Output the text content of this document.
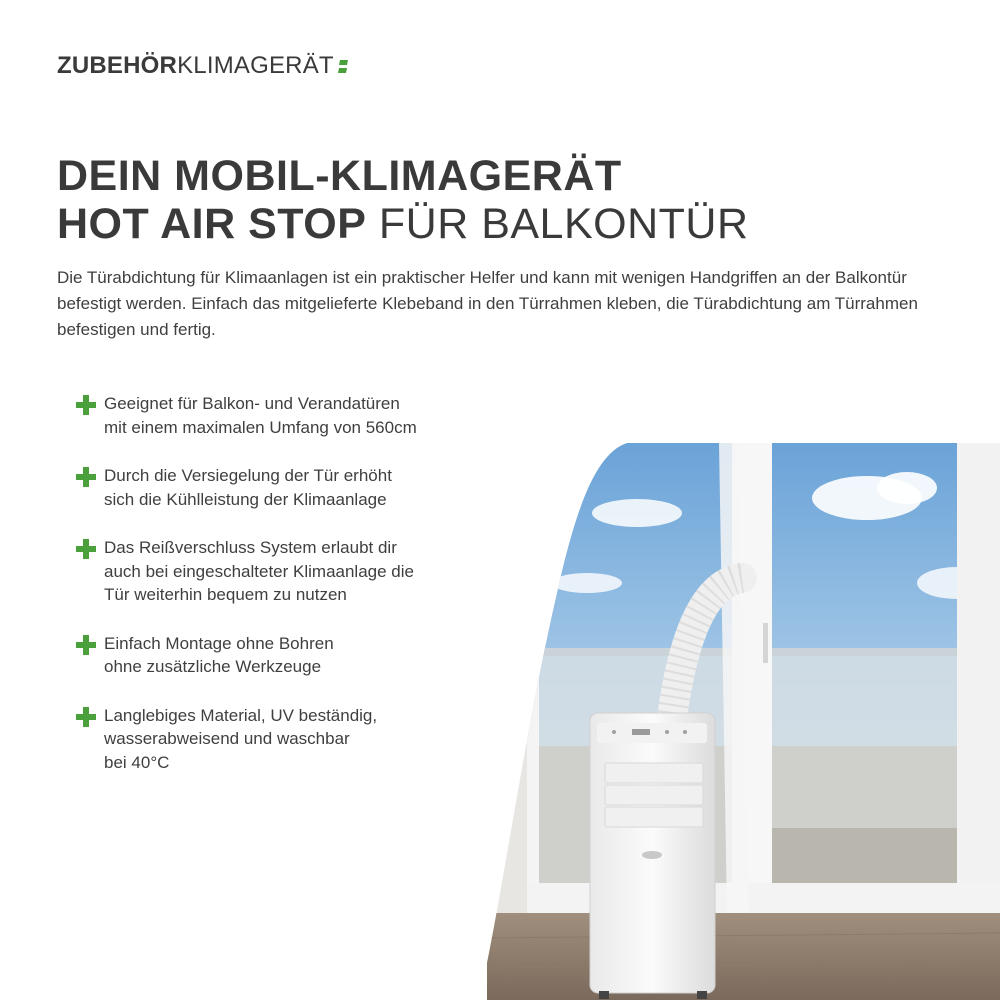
ZUBEHÖR KLIMAGERÄT
DEIN MOBIL-KLIMAGERÄT
HOT AIR STOP FÜR BALKONTÜR
Die Türabdichtung für Klimaanlagen ist ein praktischer Helfer und kann mit wenigen Handgriffen an der Balkontür befestigt werden. Einfach das mitgelieferte Klebeband in den Türrahmen kleben, die Türabdichtung am Türrahmen befestigen und fertig.
Geeignet für Balkon- und Verandatüren
mit einem maximalen Umfang von 560cm
Durch die Versiegelung der Tür erhöht
sich die Kühlleistung der Klimaanlage
Das Reißverschluss System erlaubt dir
auch bei eingeschalteter Klimaanlage die
Tür weiterhin bequem zu nutzen
Einfach Montage ohne Bohren
ohne zusätzliche Werkzeuge
Langlebiges Material, UV beständig,
wasserabweisend und waschbar
bei 40°C
